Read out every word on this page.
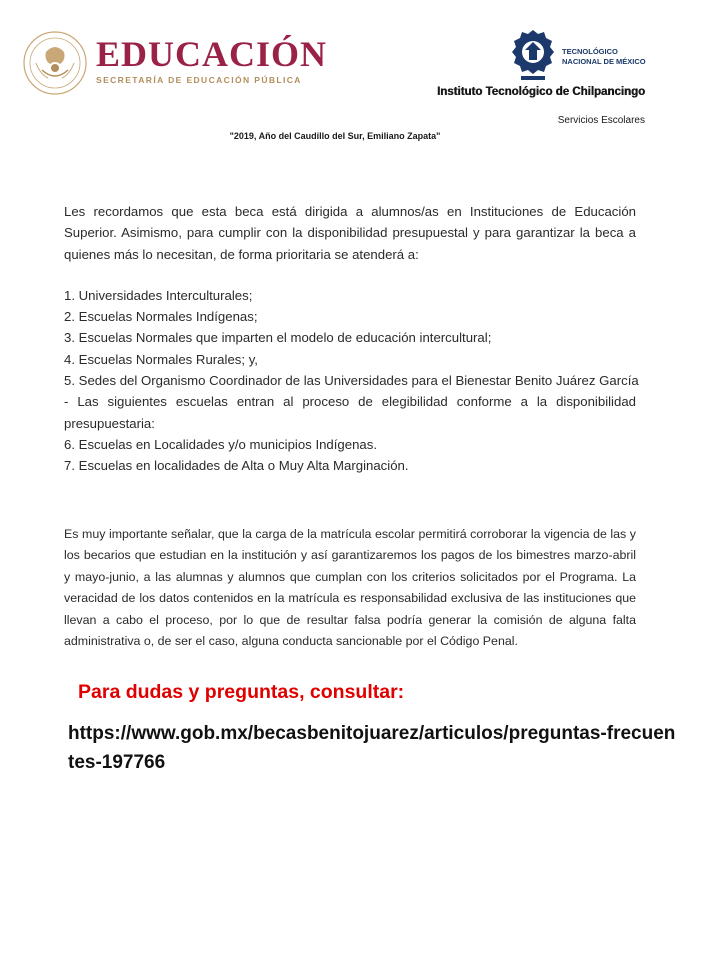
EDUCACIÓN
SECRETARÍA DE EDUCACIÓN PÚBLICA
TECNOLÓGICO
NACIONAL DE MÉXICO
Instituto Tecnológico de Chilpancingo
Servicios Escolares
"2019, Año del Caudillo del Sur, Emiliano Zapata"

Les recordamos que esta beca está dirigida a alumnos/as en Instituciones de Educación Superior. Asimismo, para cumplir con la disponibilidad presupuestal y para garantizar la beca a quienes más lo necesitan, de forma prioritaria se atenderá a:

1. Universidades Interculturales;
2. Escuelas Normales Indígenas;
3. Escuelas Normales que imparten el modelo de educación intercultural;
4. Escuelas Normales Rurales; y,
5. Sedes del Organismo Coordinador de las Universidades para el Bienestar Benito Juárez García
- Las siguientes escuelas entran al proceso de elegibilidad conforme a la disponibilidad presupuestaria:
6. Escuelas en Localidades y/o municipios Indígenas.
7. Escuelas en localidades de Alta o Muy Alta Marginación.

Es muy importante señalar, que la carga de la matrícula escolar permitirá corroborar la vigencia de las y los becarios que estudian en la institución y así garantizaremos los pagos de los bimestres marzo-abril y mayo-junio, a las alumnas y alumnos que cumplan con los criterios solicitados por el Programa. La veracidad de los datos contenidos en la matrícula es responsabilidad exclusiva de las instituciones que llevan a cabo el proceso, por lo que de resultar falsa podría generar la comisión de alguna falta administrativa o, de ser el caso, alguna conducta sancionable por el Código Penal.

Para dudas y preguntas, consultar:

https://www.gob.mx/becasbenitojuarez/articulos/preguntas-frecuentes-197766
